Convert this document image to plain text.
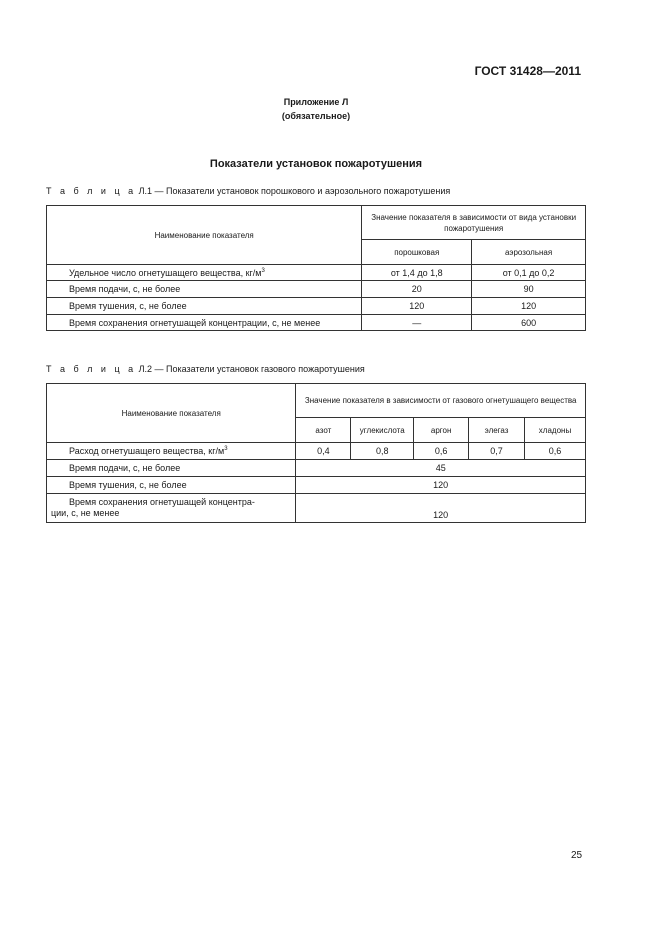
ГОСТ 31428—2011
Приложение Л
(обязательное)
Показатели установок пожаротушения
Т а б л и ц а Л.1 — Показатели установок порошкового и аэрозольного пожаротушения
Наименование показателя	Значение показателя в зависимости от вида установки пожаротушения	
	порошковая	аэрозольная
Удельное число огнетушащего вещества, $кг/м^3$	от 1,4 до 1,8	от 0,1 до 0,2
Время подачи, с, не более	20	90
Время тушения, с, не более	120	120
Время сохранения огнетушащей концентрации, с, не менее	—	600
Т а б л и ц а Л.2 — Показатели установок газового пожаротушения
Наименование показателя	Значение показателя в зависимости от газового огнетушащего вещества				
	азот	углекислота	аргон	элегаз	хладоны
Расход огнетушащего вещества, $кг/м^3$	0,4	0,8	0,6	0,7	0,6
Время подачи, с, не более	45				
Время тушения, с, не более	120				
Время сохранения огнетушащей концентра-
ции, с, не менее	120				
25
